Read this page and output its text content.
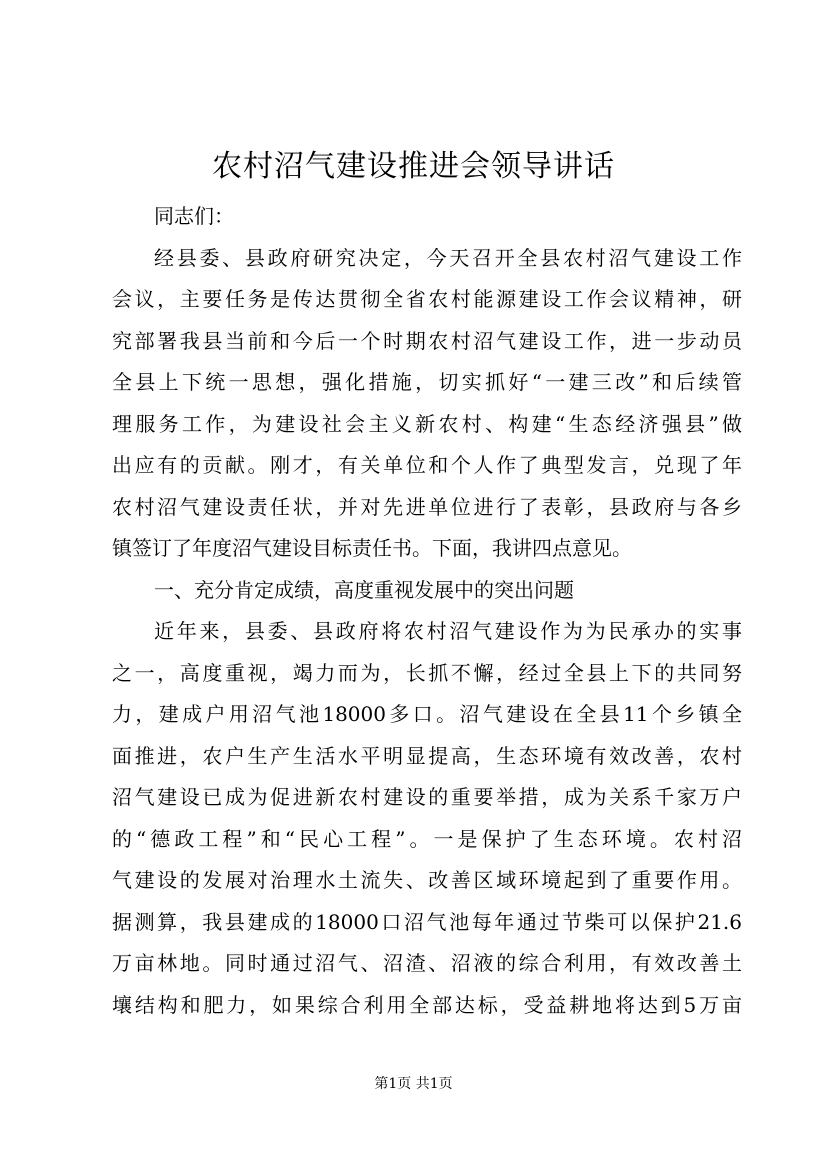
农村沼气建设推进会领导讲话
同志们：
经县委、县政府研究决定，今天召开全县农村沼气建设工作
会议，主要任务是传达贯彻全省农村能源建设工作会议精神，研
究部署我县当前和今后一个时期农村沼气建设工作，进一步动员
全县上下统一思想，强化措施，切实抓好“一建三改”和后续管
理服务工作，为建设社会主义新农村、构建“生态经济强县”做
出应有的贡献。刚才，有关单位和个人作了典型发言，兑现了年
农村沼气建设责任状，并对先进单位进行了表彰，县政府与各乡
镇签订了年度沼气建设目标责任书。下面，我讲四点意见。
一、充分肯定成绩，高度重视发展中的突出问题
近年来，县委、县政府将农村沼气建设作为为民承办的实事
之一，高度重视，竭力而为，长抓不懈，经过全县上下的共同努
力，建成户用沼气池18000多口。沼气建设在全县11个乡镇全
面推进，农户生产生活水平明显提高，生态环境有效改善，农村
沼气建设已成为促进新农村建设的重要举措，成为关系千家万户
的“德政工程”和“民心工程”。一是保护了生态环境。农村沼
气建设的发展对治理水土流失、改善区域环境起到了重要作用。
据测算，我县建成的18000口沼气池每年通过节柴可以保护21.6
万亩林地。同时通过沼气、沼渣、沼液的综合利用，有效改善土
壤结构和肥力，如果综合利用全部达标，受益耕地将达到5万亩
第1页 共1页
